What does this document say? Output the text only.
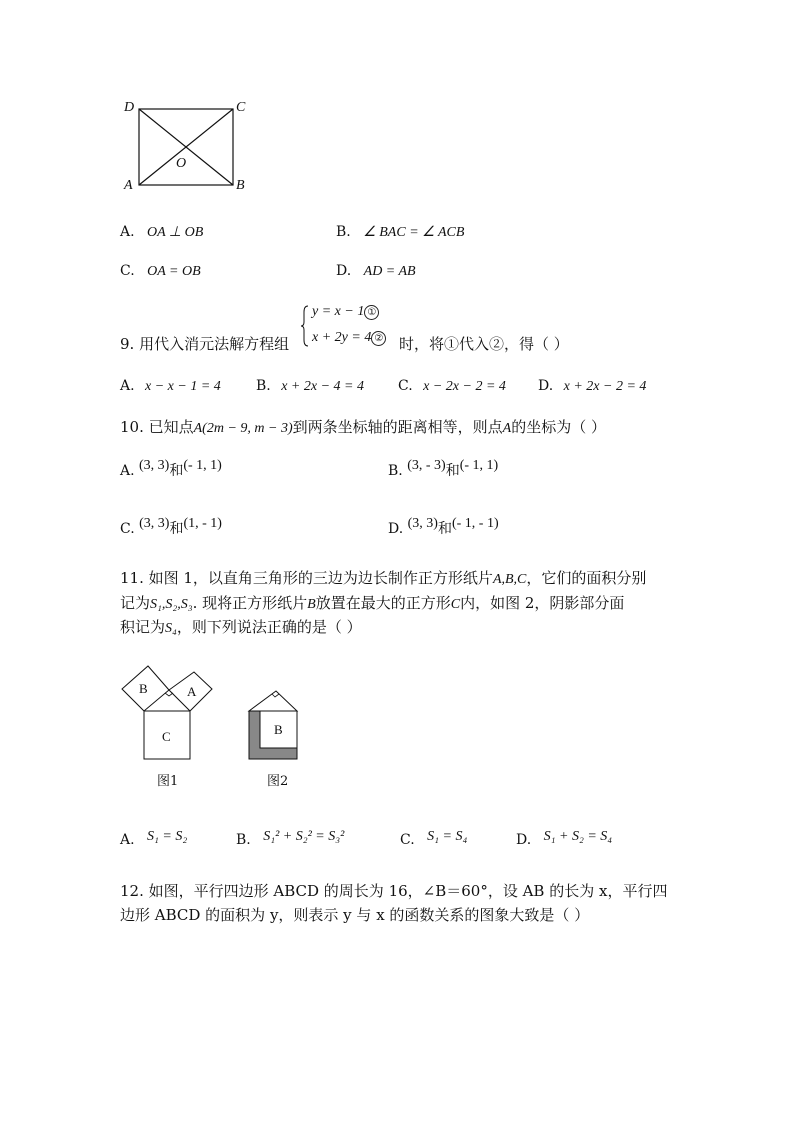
D	C
A	B
O
A. OA ⊥ OB	B. ∠ BAC = ∠ ACB
C. OA = OB	D. AD = AB
9. 用代入消元法解方程组
y = x − 1 ①
x + 2y = 4 ② 时，将①代入②，得（ ）
A. x − x − 1 = 4	B. x + 2x − 4 = 4 C. x − 2x − 2 = 4 D. x + 2x − 2 = 4
10. 已知点A(2m − 9, m − 3)到两条坐标轴的距离相等，则点A的坐标为（ ）
A. (3, 3)和(- 1, 1)	B. (3, - 3)和(- 1, 1)
C. (3, 3)和(1, - 1)	D. (3, 3)和(- 1, - 1)
11. 如图 1，以直角三角形的三边为边长制作正方形纸片A,B,C，它们的面积分别
记为S₁,S₂,S₃. 现将正方形纸片B放置在最大的正方形C内，如图 2，阴影部分面
积记为S₄，则下列说法正确的是（ ）
B	A
C
图1
B
图2
A. S₁ = S₂	B. S₁² + S₂² = S₃²	C. S₁ = S₄	D. S₁ + S₂ = S₄
12. 如图，平行四边形 ABCD 的周长为 16，∠B＝60°，设 AB 的长为 x，平行四
边形 ABCD 的面积为 y，则表示 y 与 x 的函数关系的图象大致是（ ）
